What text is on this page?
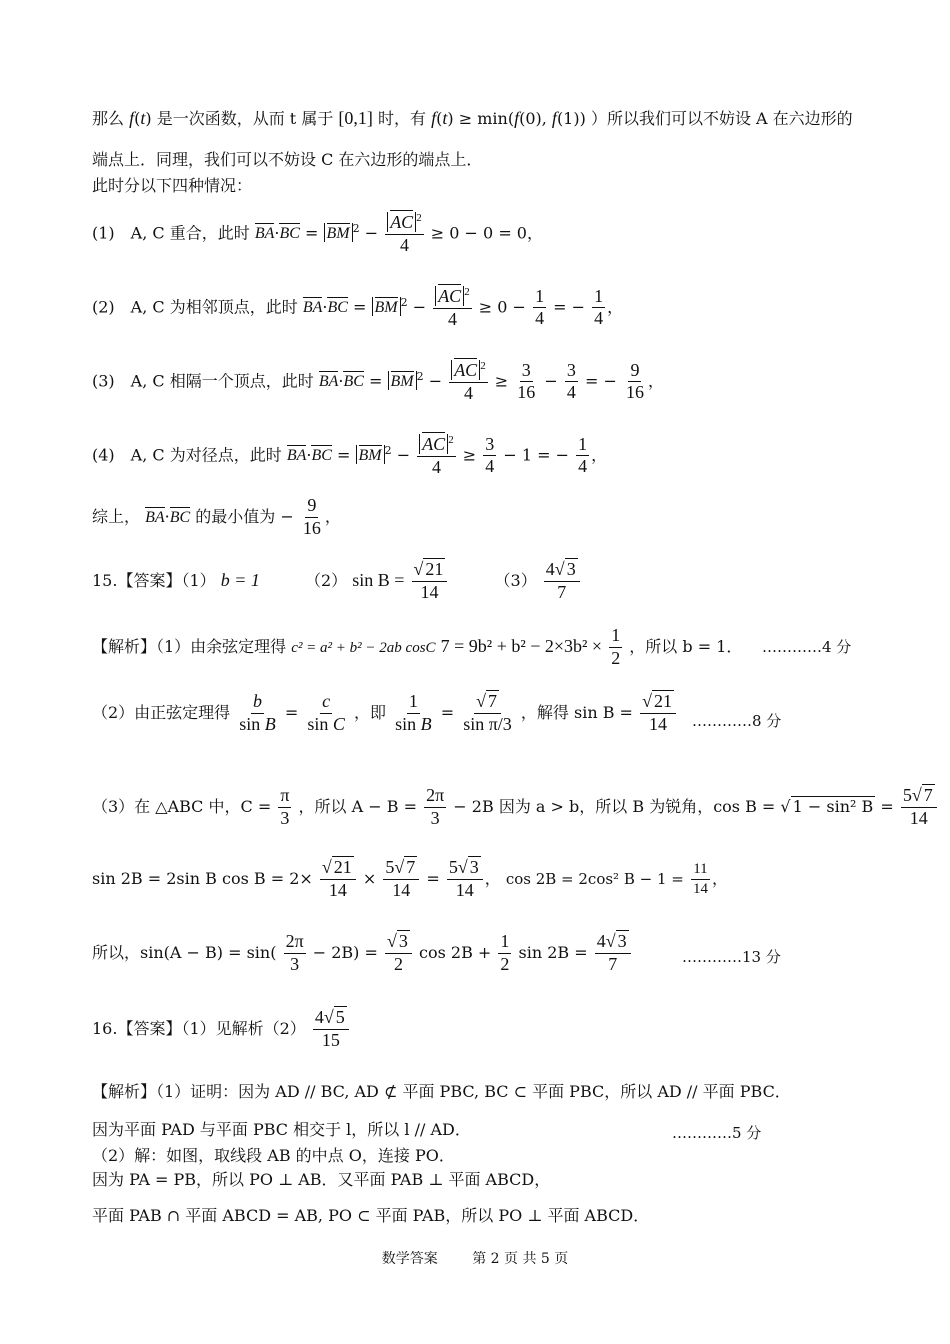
那么 f(t) 是一次函数，从而 t 属于 [0,1] 时，有 f(t) ≥ min(f(0), f(1)) ）所以我们可以不妨设 A 在六边形的
端点上．同理，我们可以不妨设 C 在六边形的端点上．
此时分以下四种情况：
(1)　A, C 重合，此时 BA·BC = BM $^2 - \frac{AC ^2}{4} \ge 0 - 0 = 0$，
(2)　A, C 为相邻顶点，此时 BA·BC = BM $^2 - \frac{AC ^2}{4} \ge 0 - \frac{1}{4}$ = − $\frac{1}{4}$ ，
(3)　A, C 相隔一个顶点，此时 BA·BC = BM $^2 - \frac{AC ^2}{4} \ge \frac{3}{16} - \frac{3}{4}$ = − $\frac{9}{16}$ ，
(4)　A, C 为对径点，此时 BA·BC = BM $^2 - \frac{AC ^2}{4} \ge \frac{3}{4} - 1$ = − $\frac{1}{4}$ ，
综上， BA·BC 的最小值为 − $\frac{9}{16}$ ，
15.【答案】（1） b = 1	（2） $\sin B = \frac{√ 21}{14}$	$(3) \frac{4√ 3}{7}$
【解析】（1）由余弦定理得 c² = a² + b² − 2ab cosC $7 = 9b^2 + b^2 - 2\times 3b^2 \times \frac{1}{2}$ ，所以 b = 1． …………4 分
（2）由正弦定理得 $\frac{b}{\text{sin B}} = \frac{c}{\text{sin C}}$ ，即 $\frac{1}{\text{sin B}} = \frac{√ 7}{\text{sin π/3}}$ ，解得 $\sin B = \frac{√ 21}{14}$ …………8 分
（3）在 △ABC 中，$C = \frac{\pi}{3}$ ，所以 $A - B = \frac{2\pi}{3} - 2B$ 因为 a > b，所以 B 为锐角，cos B = √ 1 − sin² $B = \frac{5√ 7}{14}$
sin 2B = 2sin B $\cos B = 2\times \frac{√ 21}{14} \times \frac{5√ 7}{14} = \frac{5√ 3}{14}$ ， cos 2B = 2cos² $B - 1 = \frac{11}{14}$ ，
所以，$\sin(A - B) = \sin( \frac{2\pi}{3} - 2B) = \frac{√ 3}{2}$ $\cos 2B + \frac{1}{2}$ $\sin 2B = \frac{4√ 3}{7}$	…………13 分
16.【答案】（1）见解析$(2) \frac{4√ 5}{15}$
【解析】（1）证明：因为 AD // BC, AD ⊄ 平面 PBC, BC ⊂ 平面 PBC，所以 AD // 平面 PBC．
因为平面 PAD 与平面 PBC 相交于 l，所以 l // AD．	…………5 分
（2）解：如图，取线段 AB 的中点 O，连接 PO．
因为 PA = PB，所以 PO ⊥ AB．又平面 PAB ⊥ 平面 ABCD，
平面 PAB ∩ 平面 ABCD = AB, PO ⊂ 平面 PAB，所以 PO ⊥ 平面 ABCD．
数学答案 第 2 页 共 5 页
